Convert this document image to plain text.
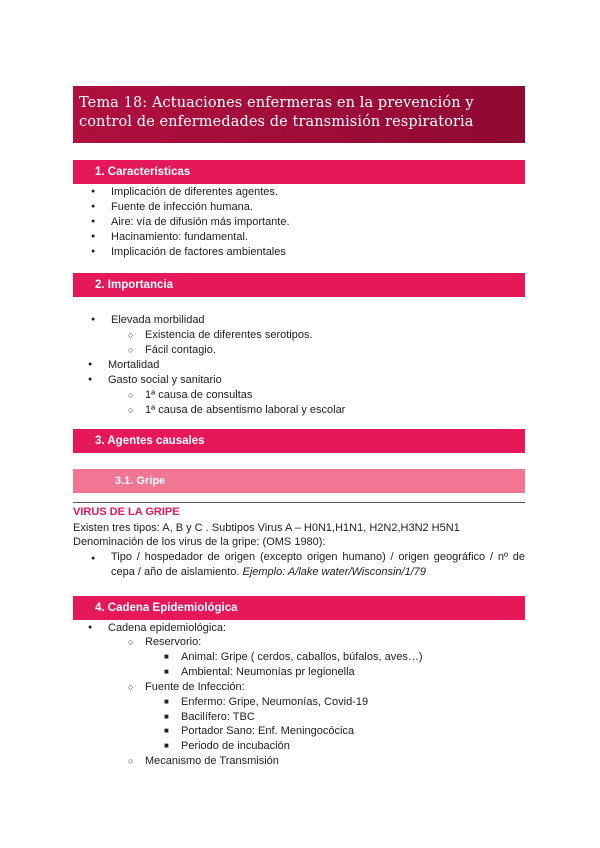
Tema 18: Actuaciones enfermeras en la prevención y control de enfermedades de transmisión respiratoria
1. Características
● Implicación de diferentes agentes.
● Fuente de infección humana.
● Aire: vía de difusión más importante.
● Hacinamiento: fundamental.
● Implicación de factores ambientales
2. Importancia
● Elevada morbilidad
○ Existencia de diferentes serotipos.
○ Fácil contagio.
● Mortalidad
● Gasto social y sanitario
○ 1ª causa de consultas
○ 1ª causa de absentismo laboral y escolar
3. Agentes causales
3.1. Gripe
VIRUS DE LA GRIPE
Existen tres tipos: A, B y C . Subtipos Virus A – H0N1,H1N1, H2N2,H3N2 H5N1
Denominación de los virus de la gripe: (OMS 1980):
● Tipo / hospedador de origen (excepto origen humano) / origen geográfico / nº de cepa / año de aislamiento. Ejemplo: A/lake water/Wisconsin/1/79
4. Cadena Epidemiológica
● Cadena epidemiológica:
○ Reservorio:
■ Animal: Gripe ( cerdos, caballos, búfalos, aves…)
■ Ambiental: Neumonías pr legionella
○ Fuente de Infección:
■ Enfermo: Gripe, Neumonías, Covid-19
■ Bacilífero: TBC
■ Portador Sano: Enf. Meningocócica
■ Periodo de incubación
○ Mecanismo de Transmisión
